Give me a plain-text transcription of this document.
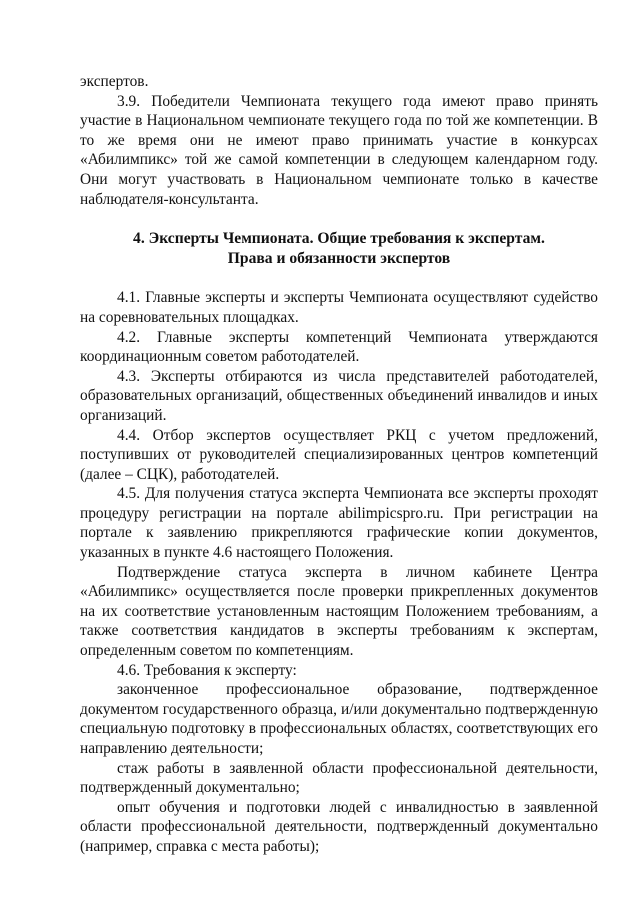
экспертов.

3.9. Победители Чемпионата текущего года имеют право принять участие в Национальном чемпионате текущего года по той же компетенции. В то же время они не имеют право принимать участие в конкурсах «Абилимпикс» той же самой компетенции в следующем календарном году. Они могут участвовать в Национальном чемпионате только в качестве наблюдателя-консультанта.

4. Эксперты Чемпионата. Общие требования к экспертам.
Права и обязанности экспертов

4.1. Главные эксперты и эксперты Чемпионата осуществляют судейство на соревновательных площадках.

4.2. Главные эксперты компетенций Чемпионата утверждаются координационным советом работодателей.

4.3. Эксперты отбираются из числа представителей работодателей, образовательных организаций, общественных объединений инвалидов и иных организаций.

4.4. Отбор экспертов осуществляет РКЦ с учетом предложений, поступивших от руководителей специализированных центров компетенций (далее – СЦК), работодателей.

4.5. Для получения статуса эксперта Чемпионата все эксперты проходят процедуру регистрации на портале abilimpicspro.ru. При регистрации на портале к заявлению прикрепляются графические копии документов, указанных в пункте 4.6 настоящего Положения.

Подтверждение статуса эксперта в личном кабинете Центра «Абилимпикс» осуществляется после проверки прикрепленных документов на их соответствие установленным настоящим Положением требованиям, а также соответствия кандидатов в эксперты требованиям к экспертам, определенным советом по компетенциям.

4.6. Требования к эксперту:

законченное профессиональное образование, подтвержденное документом государственного образца, и/или документально подтвержденную специальную подготовку в профессиональных областях, соответствующих его направлению деятельности;

стаж работы в заявленной области профессиональной деятельности, подтвержденный документально;

опыт обучения и подготовки людей с инвалидностью в заявленной области профессиональной деятельности, подтвержденный документально (например, справка с места работы);
